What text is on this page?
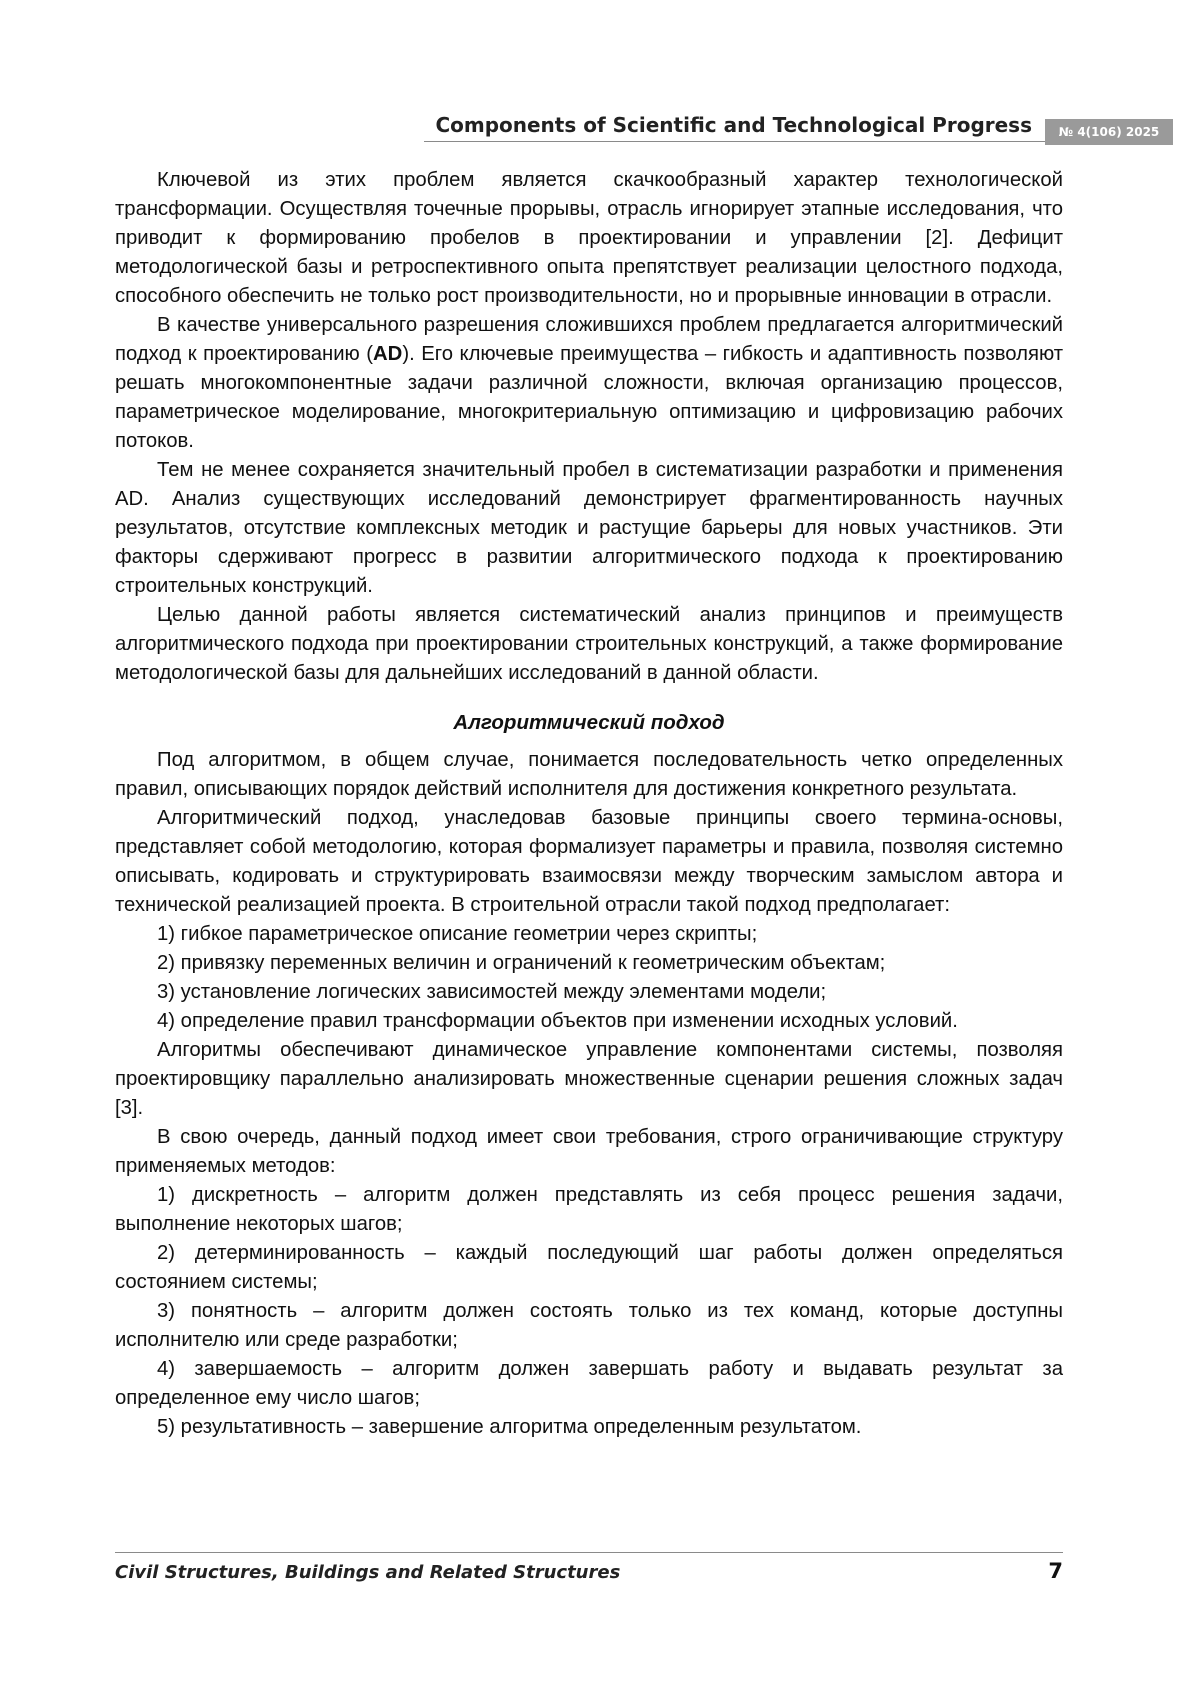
Components of Scientific and Technological Progress	№ 4(106) 2025

Ключевой из этих проблем является скачкообразный характер технологической трансформации. Осуществляя точечные прорывы, отрасль игнорирует этапные исследования, что приводит к формированию пробелов в проектировании и управлении [2]. Дефицит методологической базы и ретроспективного опыта препятствует реализации целостного подхода, способного обеспечить не только рост производительности, но и прорывные инновации в отрасли.

В качестве универсального разрешения сложившихся проблем предлагается алгоритмический подход к проектированию (AD). Его ключевые преимущества – гибкость и адаптивность позволяют решать многокомпонентные задачи различной сложности, включая организацию процессов, параметрическое моделирование, многокритериальную оптимизацию и цифровизацию рабочих потоков.

Тем не менее сохраняется значительный пробел в систематизации разработки и применения AD. Анализ существующих исследований демонстрирует фрагментированность научных результатов, отсутствие комплексных методик и растущие барьеры для новых участников. Эти факторы сдерживают прогресс в развитии алгоритмического подхода к проектированию строительных конструкций.

Целью данной работы является систематический анализ принципов и преимуществ алгоритмического подхода при проектировании строительных конструкций, а также формирование методологической базы для дальнейших исследований в данной области.

Алгоритмический подход

Под алгоритмом, в общем случае, понимается последовательность четко определенных правил, описывающих порядок действий исполнителя для достижения конкретного результата.

Алгоритмический подход, унаследовав базовые принципы своего термина-основы, представляет собой методологию, которая формализует параметры и правила, позволяя системно описывать, кодировать и структурировать взаимосвязи между творческим замыслом автора и технической реализацией проекта. В строительной отрасли такой подход предполагает:

1) гибкое параметрическое описание геометрии через скрипты;

2) привязку переменных величин и ограничений к геометрическим объектам;

3) установление логических зависимостей между элементами модели;

4) определение правил трансформации объектов при изменении исходных условий.

Алгоритмы обеспечивают динамическое управление компонентами системы, позволяя проектировщику параллельно анализировать множественные сценарии решения сложных задач [3].

В свою очередь, данный подход имеет свои требования, строго ограничивающие структуру применяемых методов:

1) дискретность – алгоритм должен представлять из себя процесс решения задачи, выполнение некоторых шагов;

2) детерминированность – каждый последующий шаг работы должен определяться состоянием системы;

3) понятность – алгоритм должен состоять только из тех команд, которые доступны исполнителю или среде разработки;

4) завершаемость – алгоритм должен завершать работу и выдавать результат за определенное ему число шагов;

5) результативность – завершение алгоритма определенным результатом.

Civil Structures, Buildings and Related Structures	7
